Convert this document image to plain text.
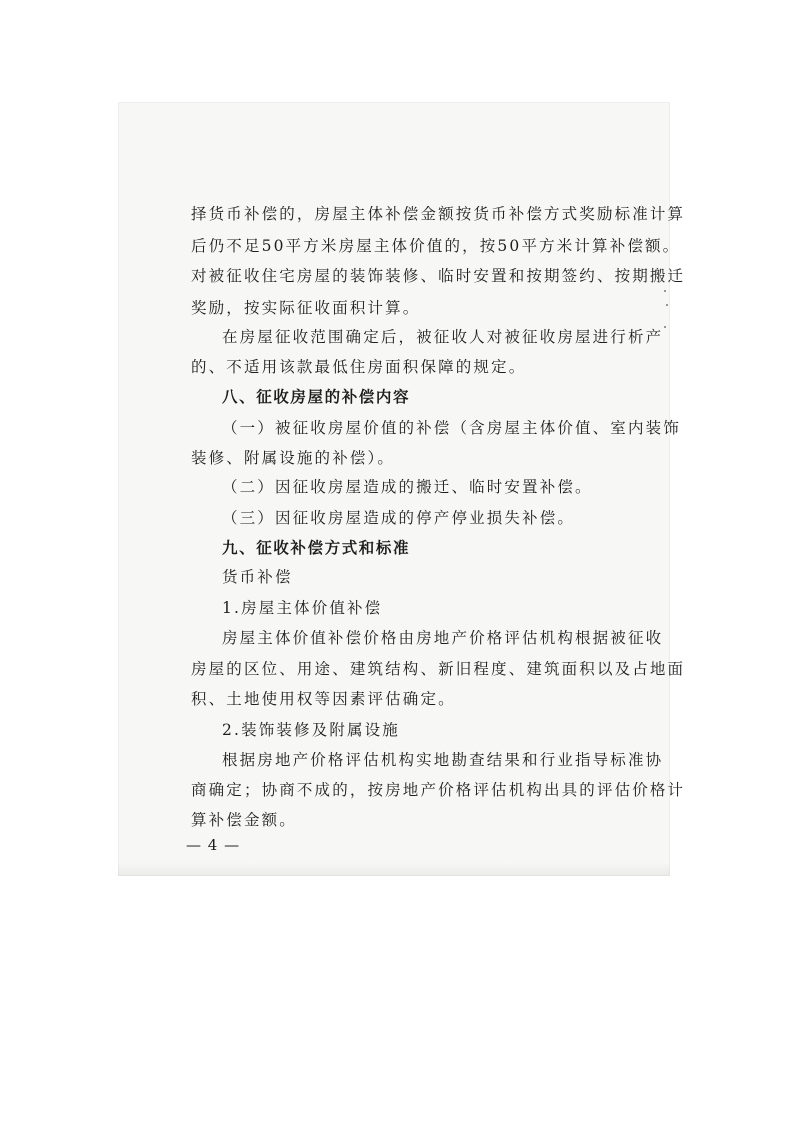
择货币补偿的，房屋主体补偿金额按货币补偿方式奖励标准计算
后仍不足50平方米房屋主体价值的，按50平方米计算补偿额。
对被征收住宅房屋的装饰装修、临时安置和按期签约、按期搬迁
奖励，按实际征收面积计算。
在房屋征收范围确定后，被征收人对被征收房屋进行析产
的、不适用该款最低住房面积保障的规定。
八、征收房屋的补偿内容
（一）被征收房屋价值的补偿（含房屋主体价值、室内装饰
装修、附属设施的补偿）。
（二）因征收房屋造成的搬迁、临时安置补偿。
（三）因征收房屋造成的停产停业损失补偿。
九、征收补偿方式和标准
货币补偿
1.房屋主体价值补偿
房屋主体价值补偿价格由房地产价格评估机构根据被征收
房屋的区位、用途、建筑结构、新旧程度、建筑面积以及占地面
积、土地使用权等因素评估确定。
2.装饰装修及附属设施
根据房地产价格评估机构实地勘查结果和行业指导标准协
商确定；协商不成的，按房地产价格评估机构出具的评估价格计
算补偿金额。
— 4 —
